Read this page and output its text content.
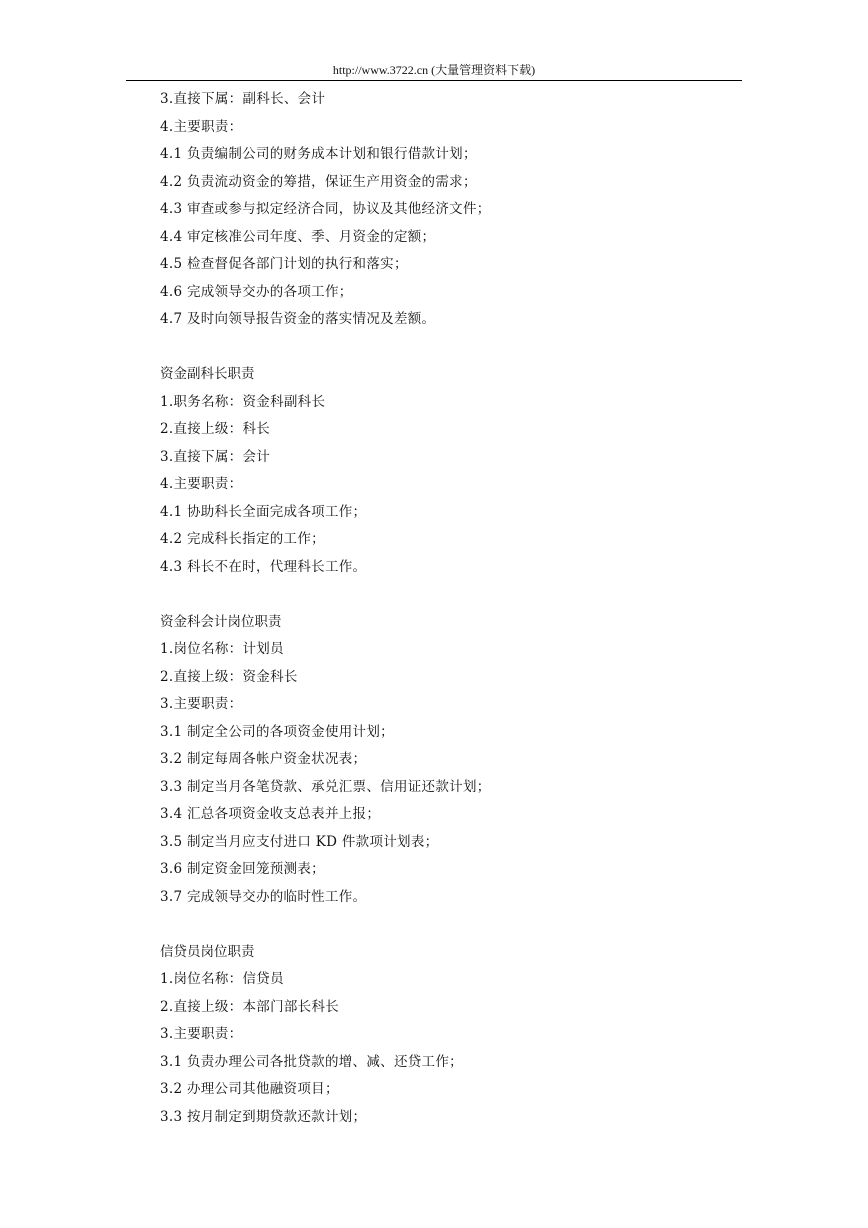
http://www.3722.cn (大量管理资料下载)
3.直接下属：副科长、会计
4.主要职责：
4.1 负责编制公司的财务成本计划和银行借款计划；
4.2 负责流动资金的筹措，保证生产用资金的需求；
4.3 审查或参与拟定经济合同，协议及其他经济文件；
4.4 审定核准公司年度、季、月资金的定额；
4.5 检查督促各部门计划的执行和落实；
4.6 完成领导交办的各项工作；
4.7 及时向领导报告资金的落实情况及差额。
资金副科长职责
1.职务名称：资金科副科长
2.直接上级：科长
3.直接下属：会计
4.主要职责：
4.1 协助科长全面完成各项工作；
4.2 完成科长指定的工作；
4.3 科长不在时，代理科长工作。
资金科会计岗位职责
1.岗位名称：计划员
2.直接上级：资金科长
3.主要职责：
3.1 制定全公司的各项资金使用计划；
3.2 制定每周各帐户资金状况表；
3.3 制定当月各笔贷款、承兑汇票、信用证还款计划；
3.4 汇总各项资金收支总表并上报；
3.5 制定当月应支付进口 KD 件款项计划表；
3.6 制定资金回笼预测表；
3.7 完成领导交办的临时性工作。
信贷员岗位职责
1.岗位名称：信贷员
2.直接上级：本部门部长科长
3.主要职责：
3.1 负责办理公司各批贷款的增、减、还贷工作；
3.2 办理公司其他融资项目；
3.3 按月制定到期贷款还款计划；
